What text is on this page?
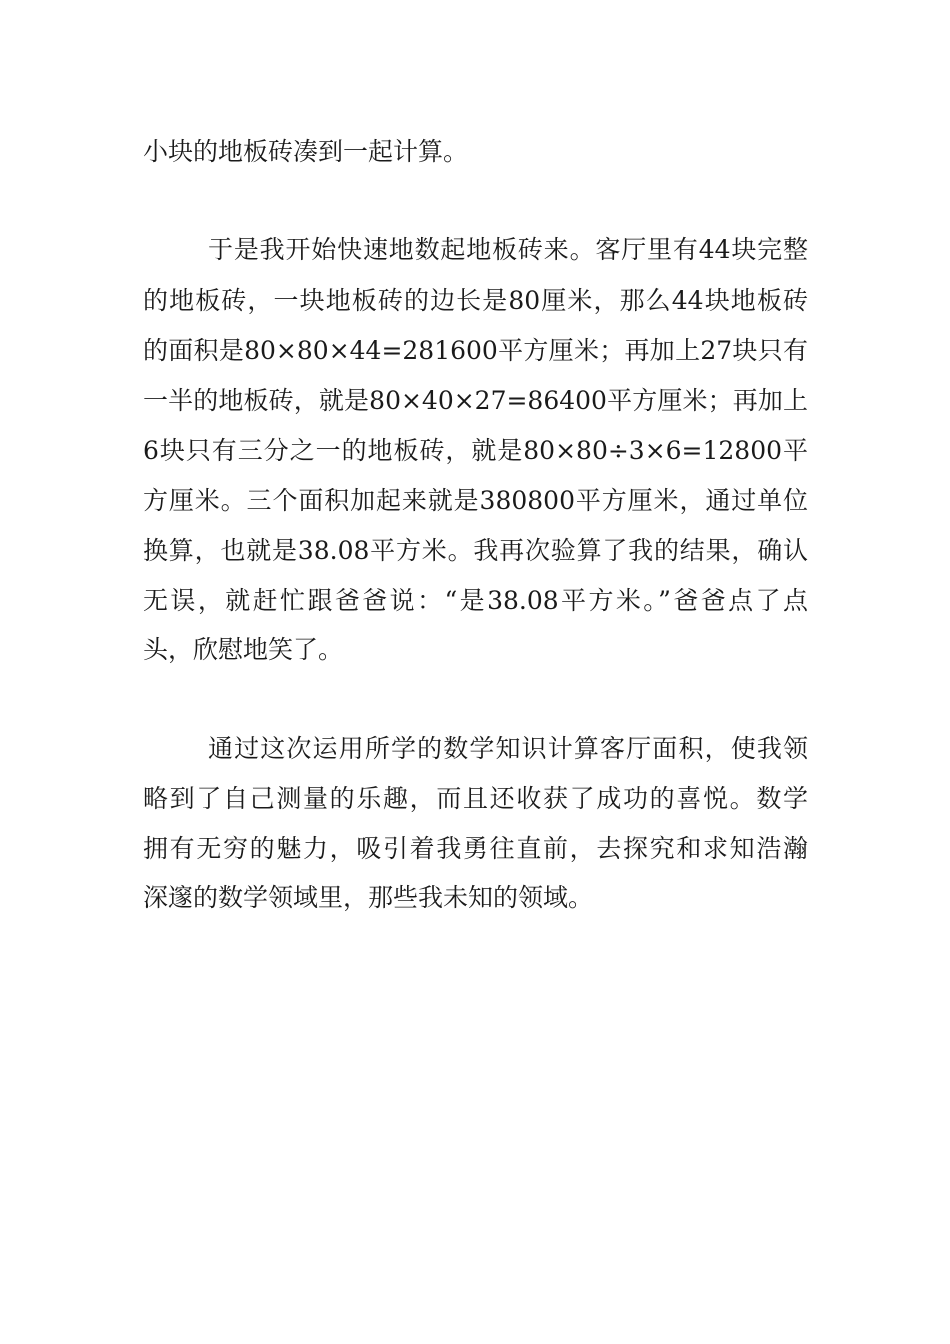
小块的地板砖凑到一起计算。
于是我开始快速地数起地板砖来。客厅里有44块完整
的地板砖，一块地板砖的边长是80厘米，那么44块地板砖
的面积是80×80×44=281600平方厘米；再加上27块只有
一半的地板砖，就是80×40×27=86400平方厘米；再加上
6块只有三分之一的地板砖，就是80×80÷3×6=12800平
方厘米。三个面积加起来就是380800平方厘米，通过单位
换算，也就是38.08平方米。我再次验算了我的结果，确认
无误，就赶忙跟爸爸说：“是38.08平方米。”爸爸点了点
头，欣慰地笑了。
通过这次运用所学的数学知识计算客厅面积，使我领
略到了自己测量的乐趣，而且还收获了成功的喜悦。数学
拥有无穷的魅力，吸引着我勇往直前，去探究和求知浩瀚
深邃的数学领域里，那些我未知的领域。
